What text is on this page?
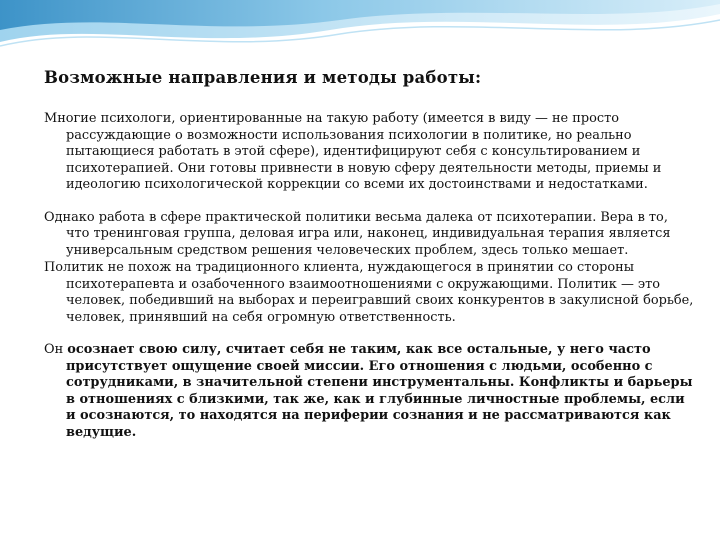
Возможные направления и методы работы:

Многие психологи, ориентированные на такую работу (имеется в виду — не просто рассуждающие о возможности использования психологии в политике, но реально пытающиеся работать в этой сфере), идентифицируют себя с консультированием и психотерапией. Они готовы привнести в новую сферу деятельности методы, приемы и идеологию психологической коррекции со всеми их достоинствами и недостатками.

Однако работа в сфере практической политики весьма далека от психотерапии. Вера в то, что тренинговая группа, деловая игра или, наконец, индивидуальная терапия является универсальным средством решения человеческих проблем, здесь только мешает.

Политик не похож на традиционного клиента, нуждающегося в принятии со стороны психотерапевта и озабоченного взаимоотношениями с окружающими. Политик — это человек, победивший на выборах и переигравший своих конкурентов в закулисной борьбе, человек, принявший на себя огромную ответственность.

Он осознает свою силу, считает себя не таким, как все остальные, у него часто присутствует ощущение своей миссии. Его отношения с людьми, особенно с сотрудниками, в значительной степени инструментальны. Конфликты и барьеры в отношениях с близкими, так же, как и глубинные личностные проблемы, если и осознаются, то находятся на периферии сознания и не рассматриваются как ведущие.
